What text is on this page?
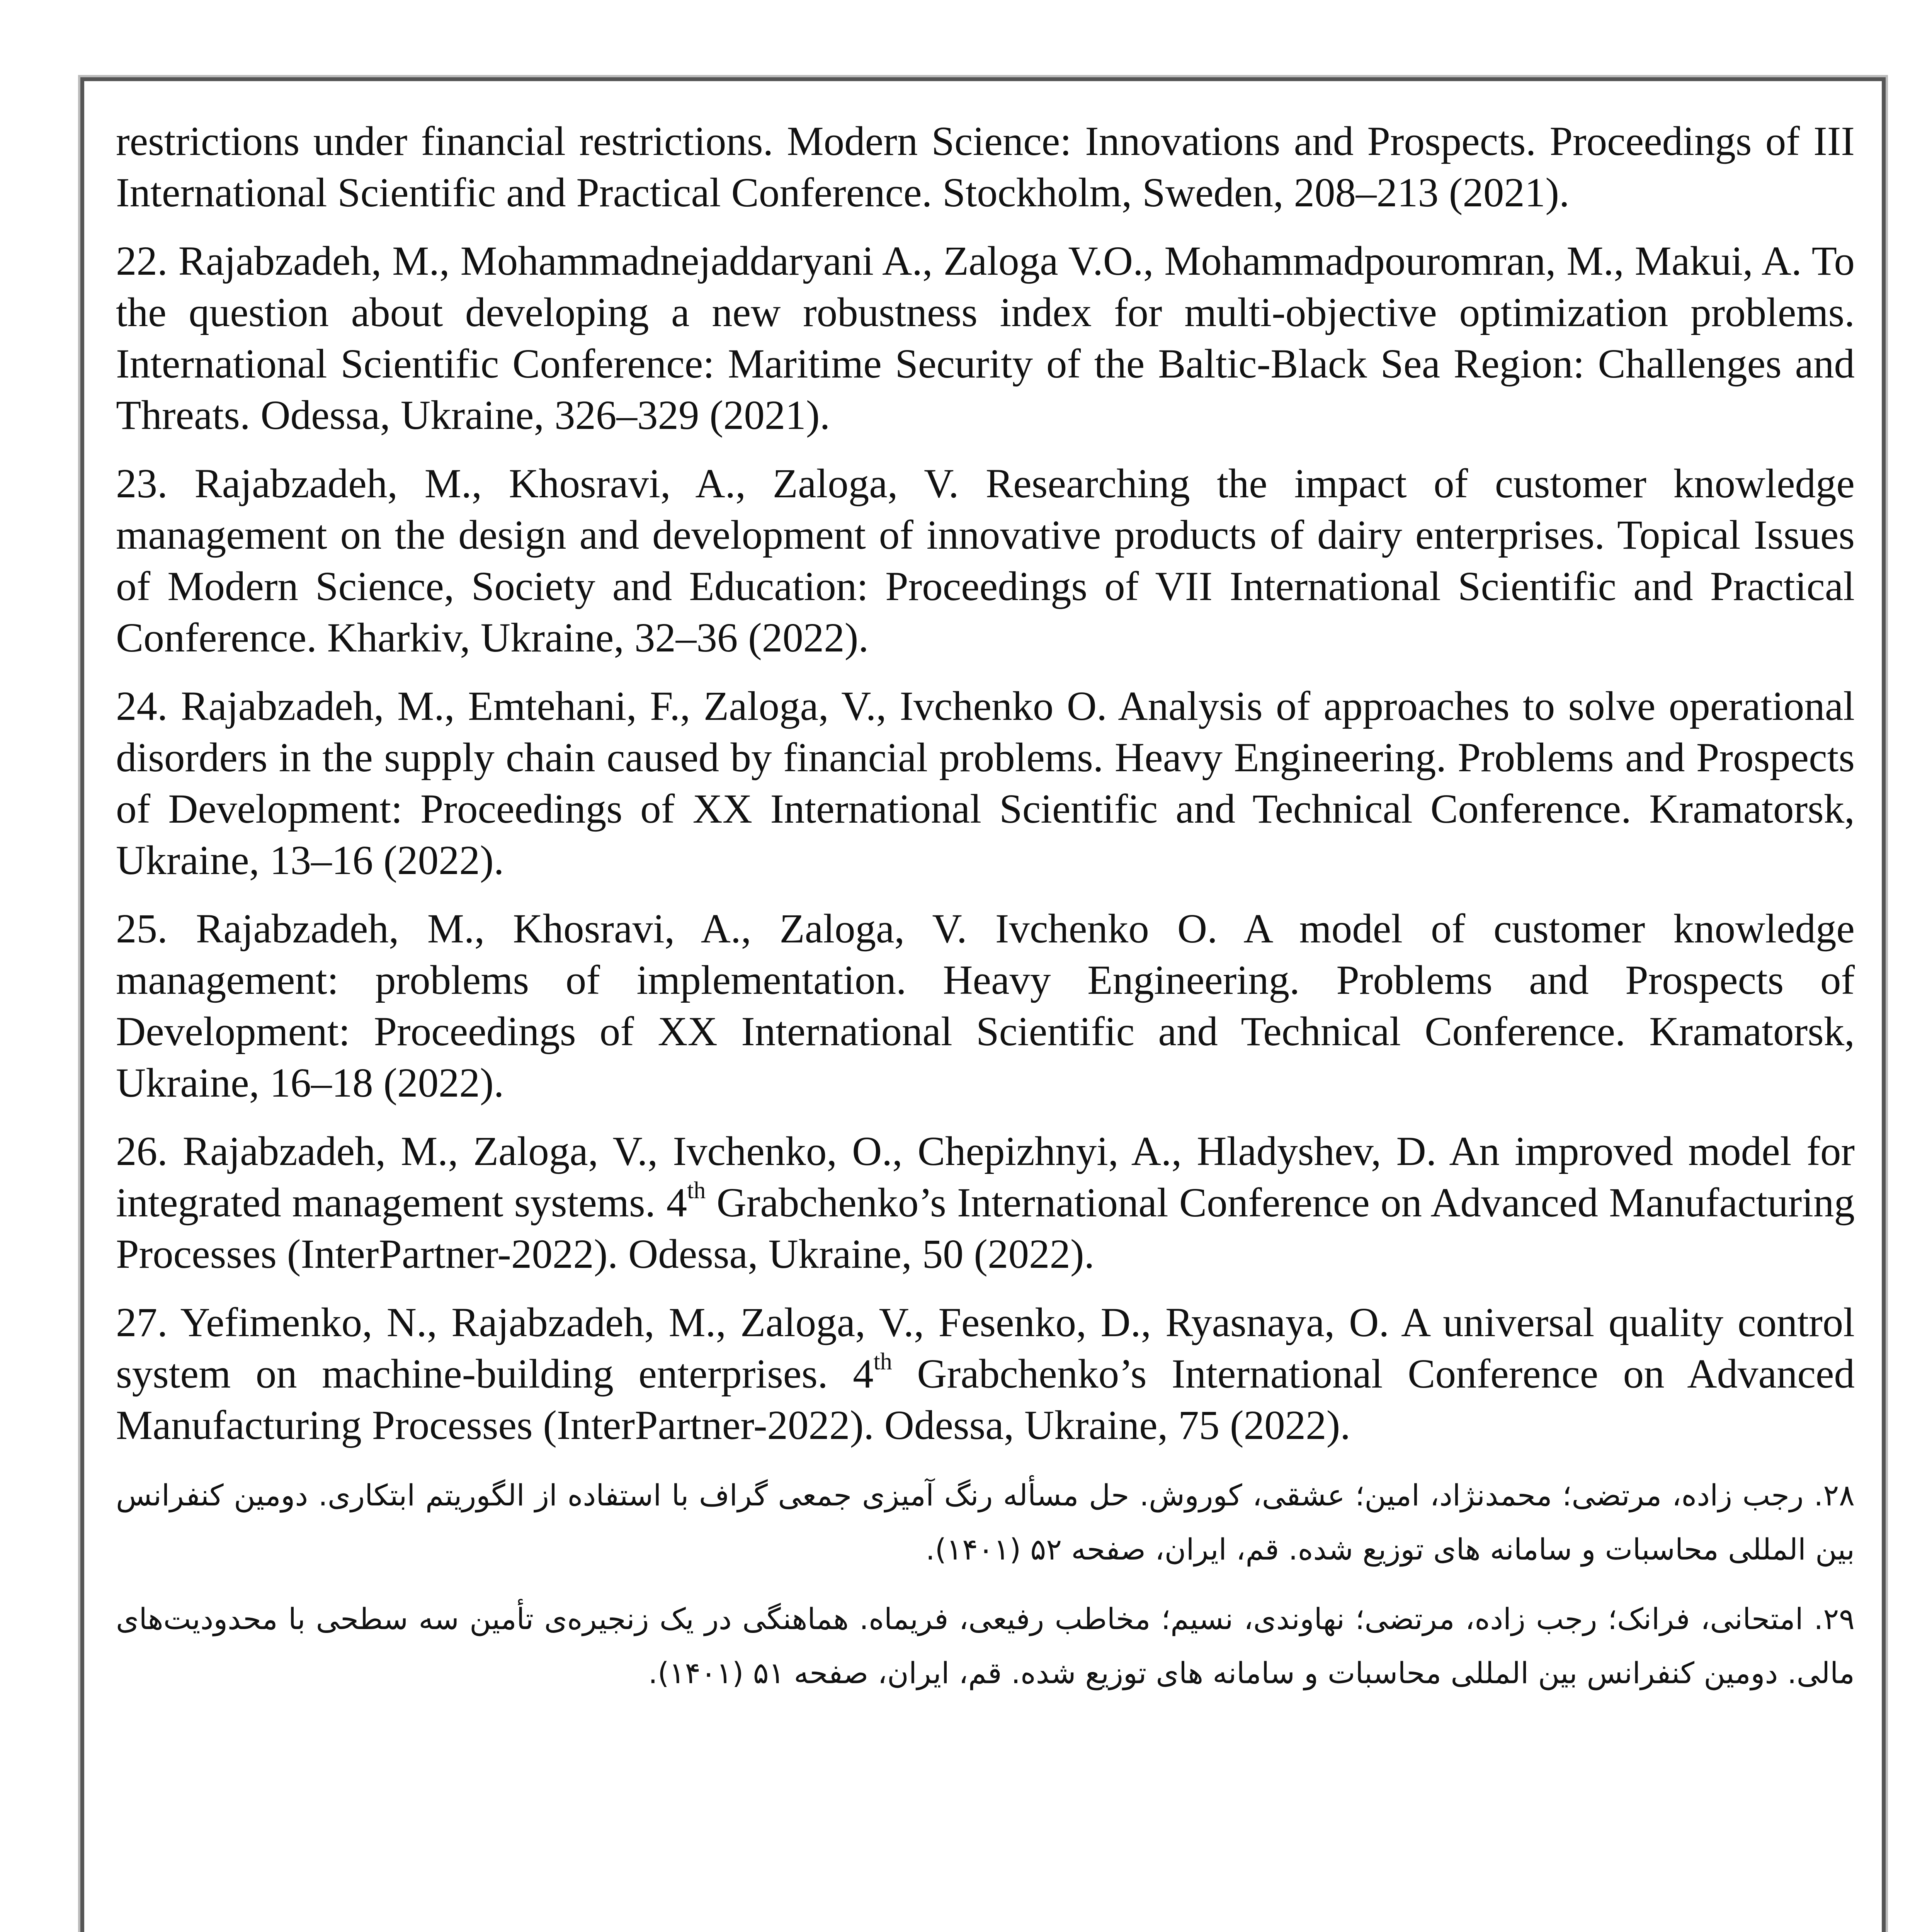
restrictions under financial restrictions. Modern Science: Innovations and Prospects. Proceedings of III International Scientific and Practical Conference. Stockholm, Sweden, 208–213 (2021).

22. Rajabzadeh, M., Mohammadnejaddaryani A., Zaloga V.O., Mohammadpouromran, M., Makui, A. To the question about developing a new robustness index for multi-objective optimization problems. International Scientific Conference: Maritime Security of the Baltic-Black Sea Region: Challenges and Threats. Odessa, Ukraine, 326–329 (2021).

23. Rajabzadeh, M., Khosravi, A., Zaloga, V. Researching the impact of customer knowledge management on the design and development of innovative products of dairy enterprises. Topical Issues of Modern Science, Society and Education: Proceedings of VII International Scientific and Practical Conference. Kharkiv, Ukraine, 32–36 (2022).

24. Rajabzadeh, M., Emtehani, F., Zaloga, V., Ivchenko O. Analysis of approaches to solve operational disorders in the supply chain caused by financial problems. Heavy Engineering. Problems and Prospects of Development: Proceedings of XX International Scientific and Technical Conference. Kramatorsk, Ukraine, 13–16 (2022).

25. Rajabzadeh, M., Khosravi, A., Zaloga, V. Ivchenko O. A model of customer knowledge management: problems of implementation. Heavy Engineering. Problems and Prospects of Development: Proceedings of XX International Scientific and Technical Conference. Kramatorsk, Ukraine, 16–18 (2022).

26. Rajabzadeh, M., Zaloga, V., Ivchenko, O., Chepizhnyi, A., Hladyshev, D. An improved model for integrated management systems. 4th Grabchenko’s International Conference on Advanced Manufacturing Processes (InterPartner-2022). Odessa, Ukraine, 50 (2022).

27. Yefimenko, N., Rajabzadeh, M., Zaloga, V., Fesenko, D., Ryasnaya, O. A universal quality control system on machine-building enterprises. 4th Grabchenko’s International Conference on Advanced Manufacturing Processes (InterPartner-2022). Odessa, Ukraine, 75 (2022).

۲۸. رجب زاده، مرتضی؛ محمدنژاد، امین؛ عشقی، کوروش. حل مسأله رنگ آمیزی جمعی گراف با استفاده از الگوریتم ابتکاری. دومین کنفرانس بین المللی محاسبات و سامانه های توزیع شده. قم، ایران، صفحه ۵۲ (۱۴۰۱).

۲۹. امتحانی، فرانک؛ رجب زاده، مرتضی؛ نهاوندی، نسیم؛ مخاطب رفیعی، فریماه. هماهنگی در یک زنجیره‌ی تأمین سه سطحی با محدودیت‌های مالی. دومین کنفرانس بین المللی محاسبات و سامانه های توزیع شده. قم، ایران، صفحه ۵۱ (۱۴۰۱).
